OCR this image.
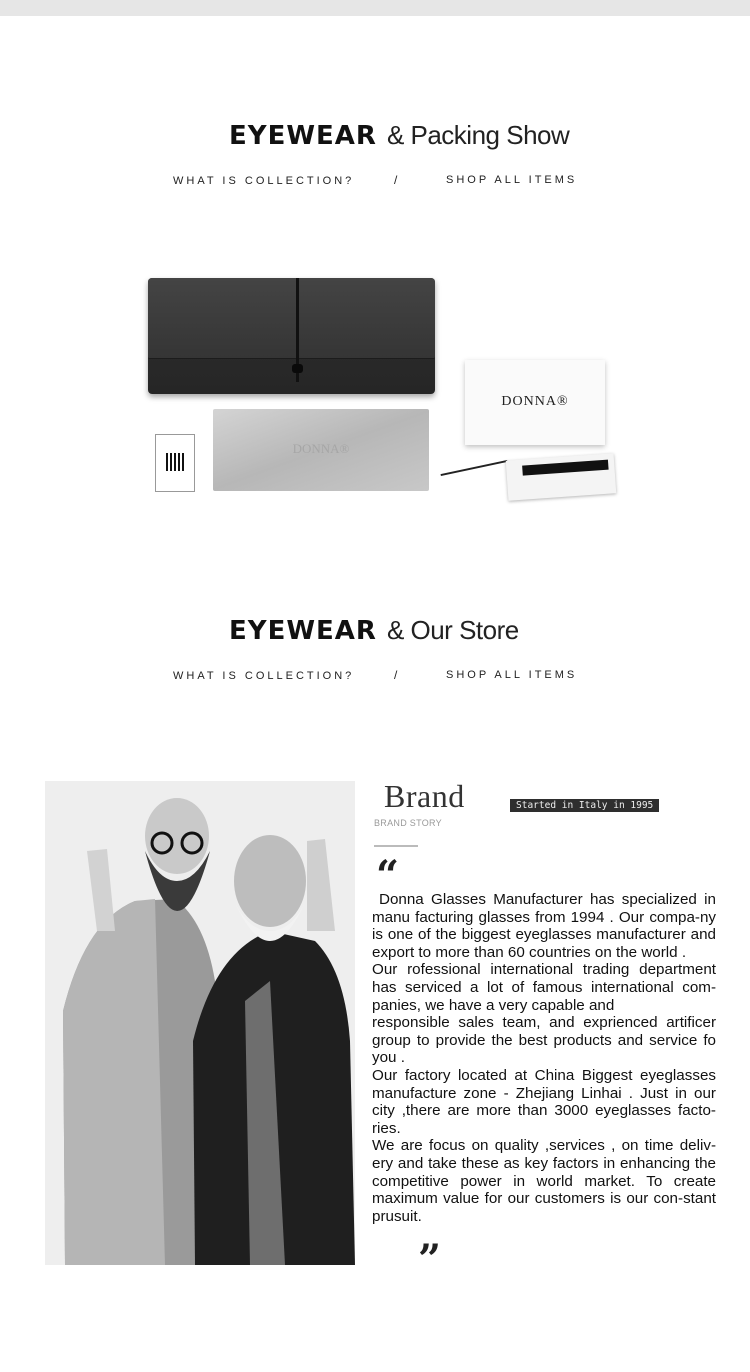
EYEWEAR & Packing Show
WHAT IS COLLECTION?	/	SHOP ALL ITEMS
DONNA®
DONNA®
EYEWEAR & Our Store
WHAT IS COLLECTION?	/	SHOP ALL ITEMS
Brand	Started in Italy in 1995
BRAND STORY
“

Donna Glasses Manufacturer has specialized in manu facturing glasses from 1994 . Our compa-ny is one of the biggest eyeglasses manufacturer and export to more than 60 countries on the world .

Our rofessional international trading department has serviced a lot of famous international com-panies, we have a very capable and

responsible sales team, and exprienced artificer group to provide the best products and service fo you .

Our factory located at China Biggest eyeglasses manufacture zone - Zhejiang Linhai . Just in our city ,there are more than 3000 eyeglasses facto-ries.

We are focus on quality ,services , on time deliv-ery and take these as key factors in enhancing the competitive power in world market. To create maximum value for our customers is our con-stant prusuit.

”
